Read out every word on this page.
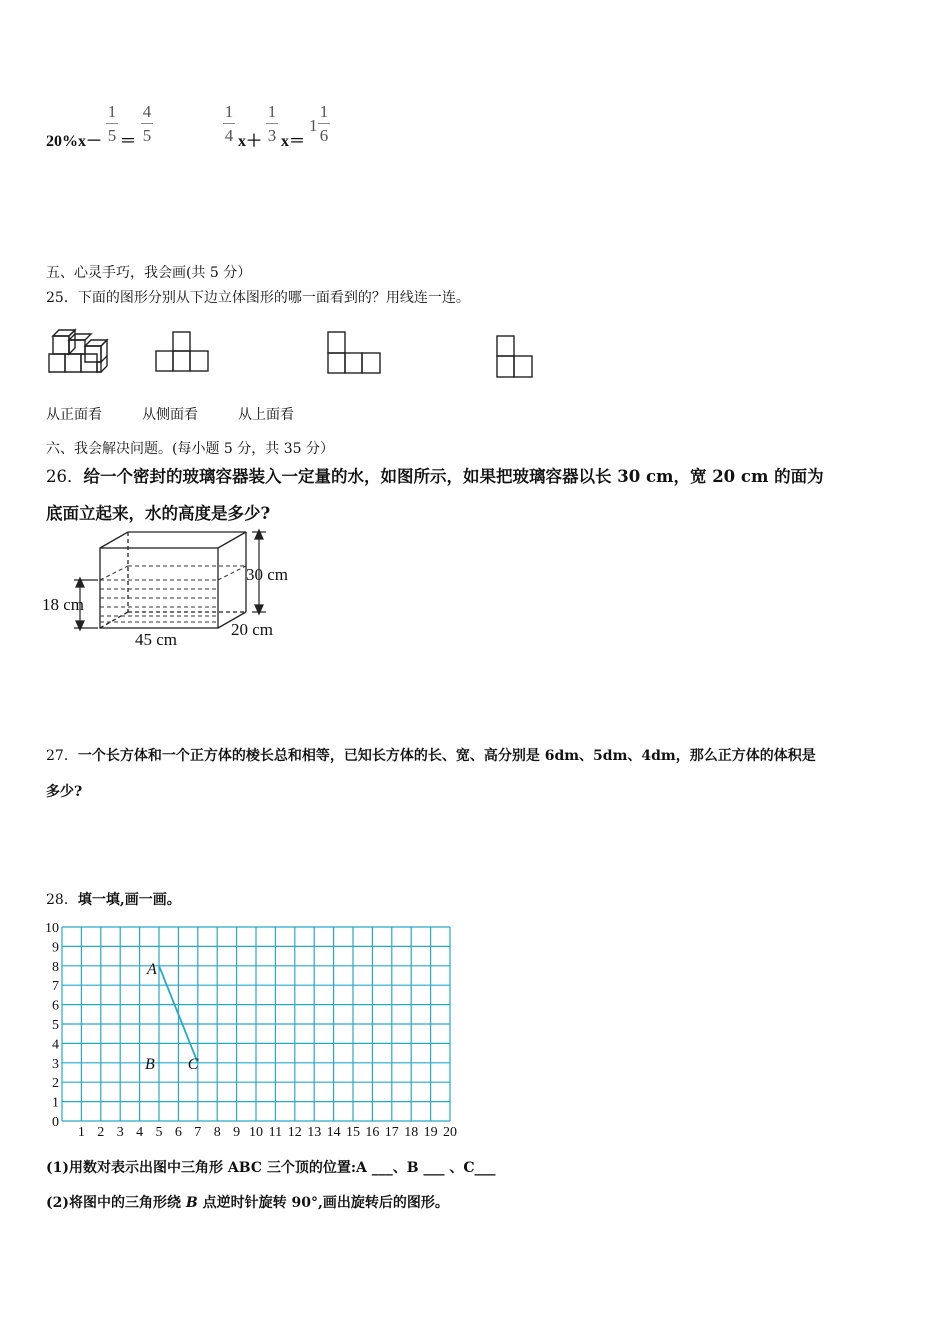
20%x－
1
5 ＝
4
5
1
4 x＋
1
3 x＝
1
1
6
五、心灵手巧，我会画(共 5 分）
25．下面的图形分别从下边立体图形的哪一面看到的？用线连一连。
从正面看	从侧面看	从上面看
六、我会解决问题。(每小题 5 分，共 35 分）
26．给一个密封的玻璃容器装入一定量的水，如图所示，如果把玻璃容器以长 30 cm，宽 20 cm 的面为
底面立起来，水的高度是多少?
30 cm
18 cm
45 cm
20 cm
27．一个长方体和一个正方体的棱长总和相等，已知长方体的长、宽、高分别是 6dm、5dm、4dm，那么正方体的体积是
多少?
28．填一填,画一画。
1 2 3 4 5 6 7 8 9 10 11 12 13 14 15 16 17 18 19 20
0
1
2
3
4
5
6
7
8
9
10
A
B C
(1)用数对表示出图中三角形 ABC 三个顶的位置:A ___、B ___ 、C___
(2)将图中的三角形绕 B 点逆时针旋转 90°,画出旋转后的图形。
